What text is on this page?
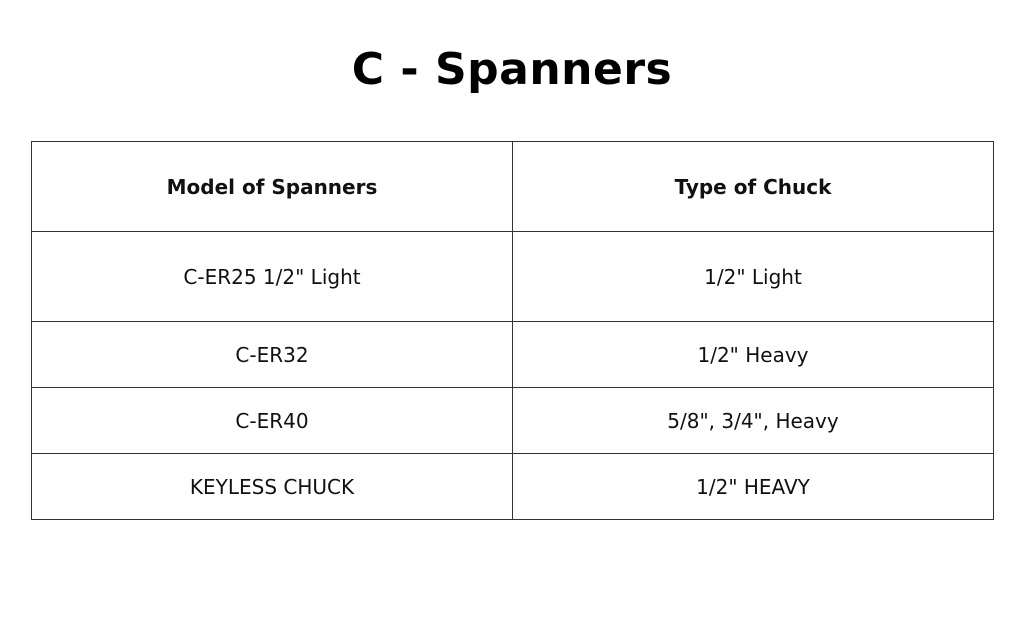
C - Spanners
Model of Spanners	Type of Chuck
C-ER25 1/2" Light	1/2" Light
C-ER32	1/2" Heavy
C-ER40	5/8", 3/4", Heavy
KEYLESS CHUCK	1/2" HEAVY
